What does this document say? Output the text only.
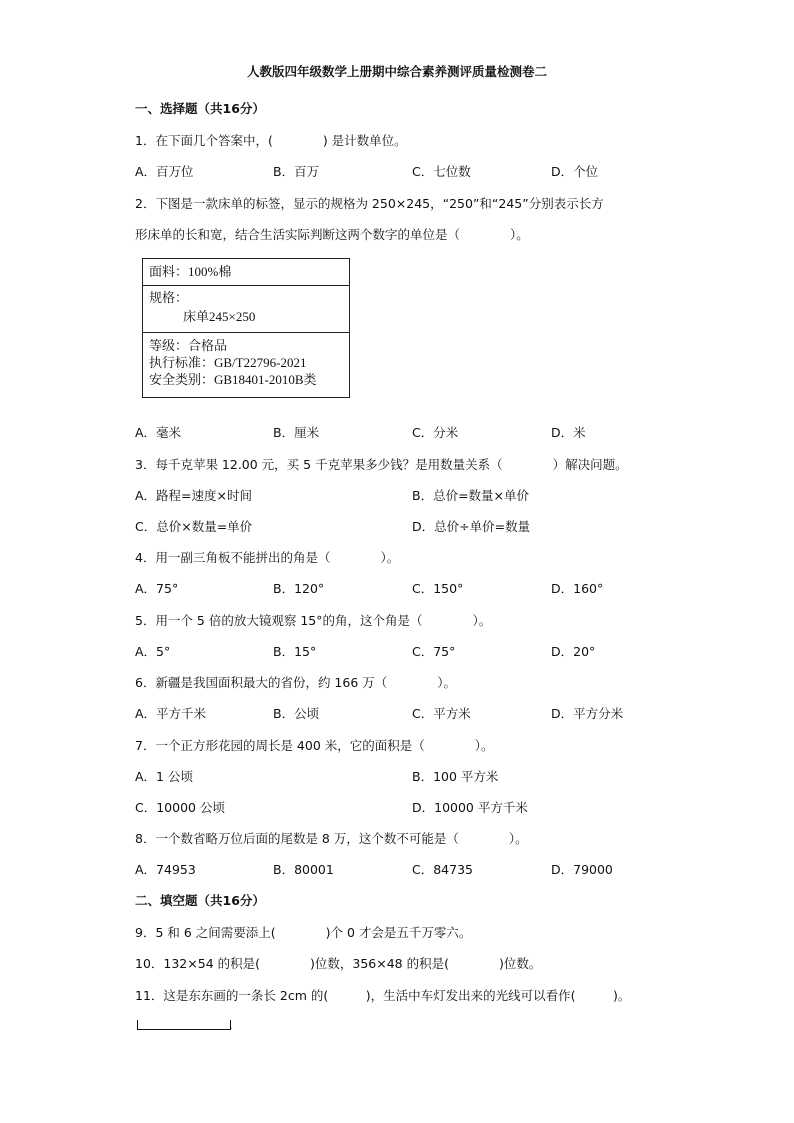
人教版四年级数学上册期中综合素养测评质量检测卷二
一、选择题（共16分）
1．在下面几个答案中，(　　　　) 是计数单位。
A．百万位	B．百万	C．七位数	D．个位
2．下图是一款床单的标签，显示的规格为 250×245，“250”和“245”分别表示长方
形床单的长和宽，结合生活实际判断这两个数字的单位是（　　　　）。
面料：100%棉
规格：
床单245×250
等级：合格品
执行标准：GB/T22796-2021
安全类别：GB18401-2010B类
A．毫米	B．厘米	C．分米	D．米
3．每千克苹果 12.00 元，买 5 千克苹果多少钱？是用数量关系（　　　　）解决问题。
A．路程=速度×时间	B．总价=数量×单价
C．总价×数量=单价	D．总价÷单价=数量
4．用一副三角板不能拼出的角是（　　　　）。
A．75°	B．120°	C．150°	D．160°
5．用一个 5 倍的放大镜观察 15°的角，这个角是（　　　　）。
A．5°	B．15°	C．75°	D．20°
6．新疆是我国面积最大的省份，约 166 万（　　　　）。
A．平方千米	B．公顷	C．平方米	D．平方分米
7．一个正方形花园的周长是 400 米，它的面积是（　　　　）。
A．1 公顷	B．100 平方米
C．10000 公顷	D．10000 平方千米
8．一个数省略万位后面的尾数是 8 万，这个数不可能是（　　　　）。
A．74953	B．80001	C．84735	D．79000
二、填空题（共16分）
9．5 和 6 之间需要添上(　　　　)个 0 才会是五千万零六。
10．132×54 的积是(　　　　)位数，356×48 的积是(　　　　)位数。
11．这是东东画的一条长 2cm 的(　　　)，生活中车灯发出来的光线可以看作(　　　)。
.
